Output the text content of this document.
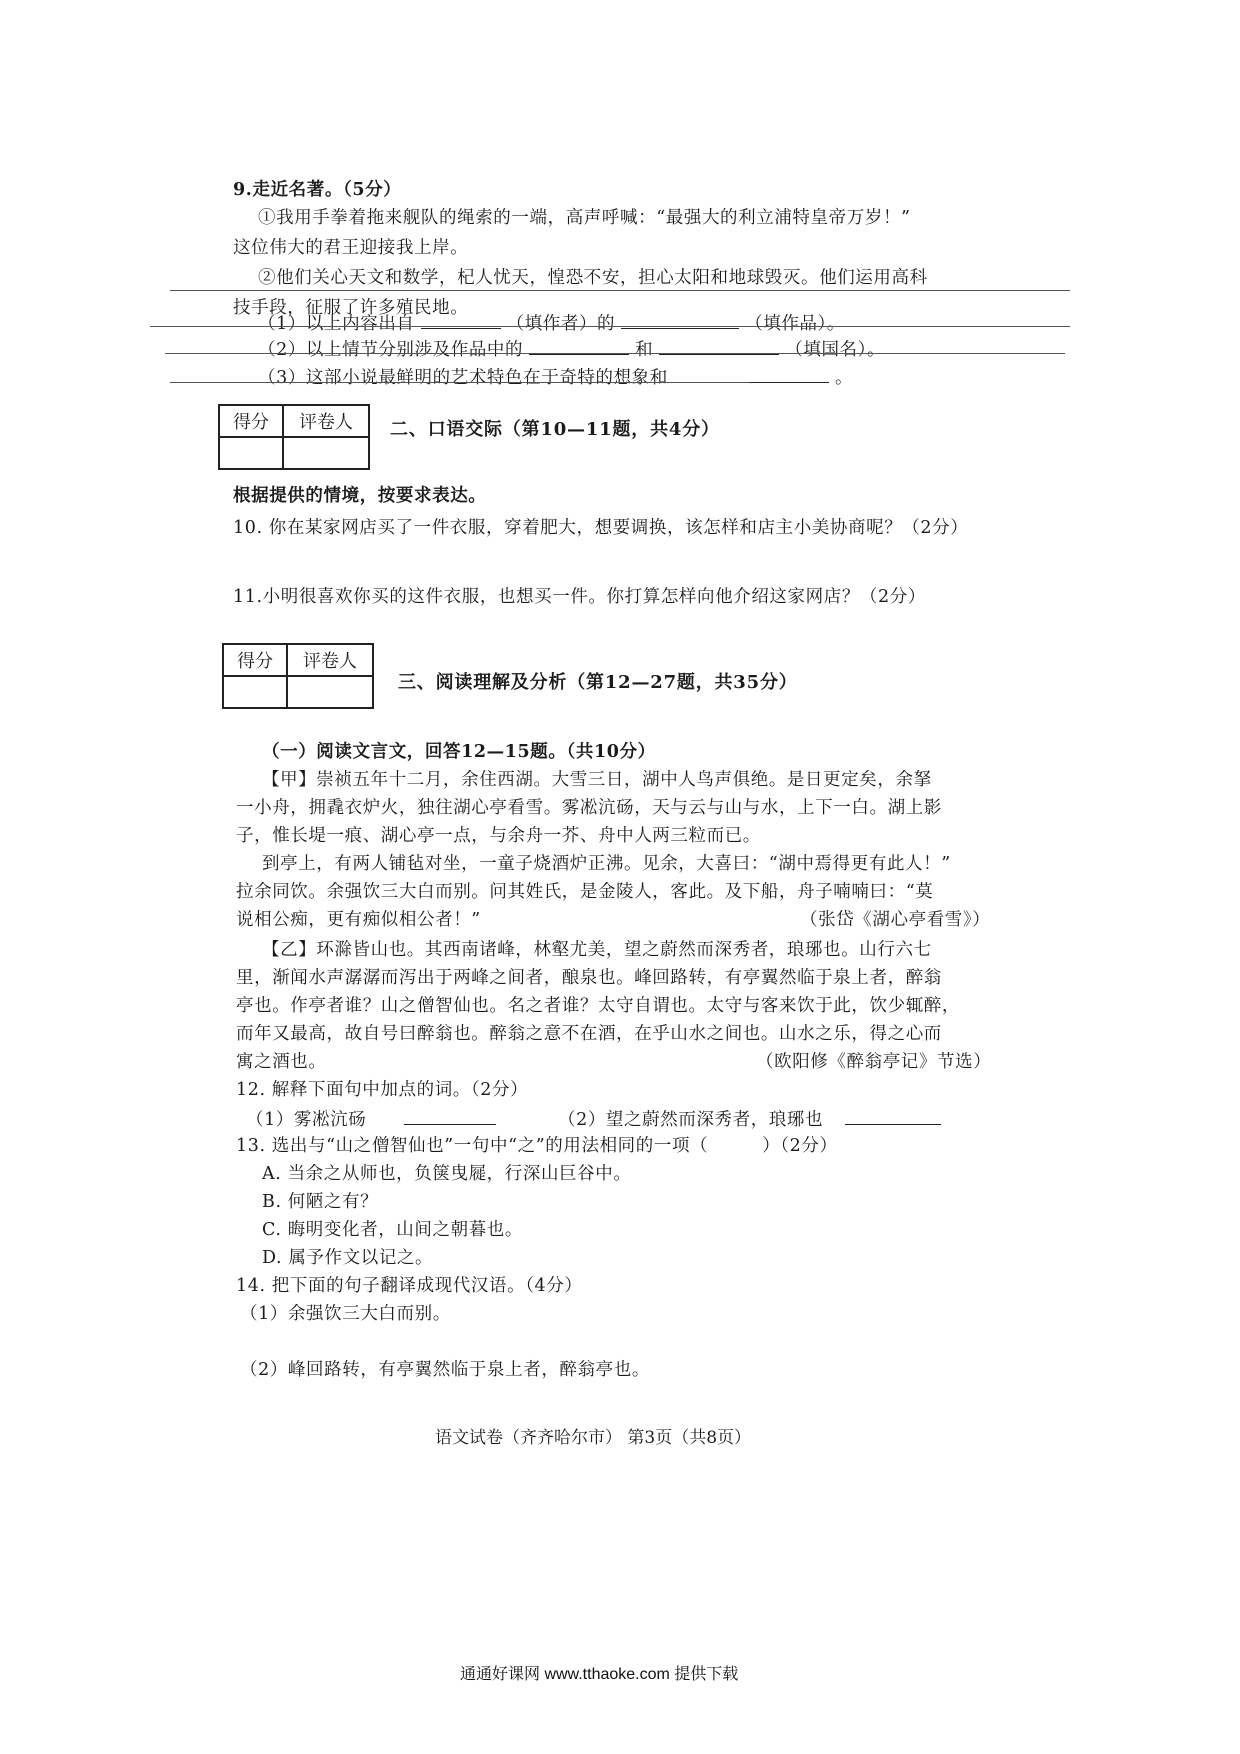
9.走近名著。（5分）
①我用手拳着拖来舰队的绳索的一端，高声呼喊：“最强大的利立浦特皇帝万岁！”
这位伟大的君王迎接我上岸。
②他们关心天文和数学，杞人忧天，惶恐不安，担心太阳和地球毁灭。他们运用高科
技手段，征服了许多殖民地。
（1）以上内容出自	（填作者）的	（填作品）。
（2）以上情节分别涉及作品中的	和	（填国名）。
（3）这部小说最鲜明的艺术特色在于奇特的想象和	。
得分	评卷人
	二、口语交际（第10—11题，共4分）
根据提供的情境，按要求表达。
10. 你在某家网店买了一件衣服，穿着肥大，想要调换，该怎样和店主小美协商呢？（2分）
11.小明很喜欢你买的这件衣服，也想买一件。你打算怎样向他介绍这家网店？（2分）
得分	评卷人

三、阅读理解及分析（第12—27题，共35分）
（一）阅读文言文，回答12—15题。（共10分）
【甲】崇祯五年十二月，余住西湖。大雪三日，湖中人鸟声俱绝。是日更定矣，余拏
一小舟，拥毳衣炉火，独往湖心亭看雪。雾凇沆砀，天与云与山与水，上下一白。湖上影
子，惟长堤一痕、湖心亭一点，与余舟一芥、舟中人两三粒而已。
到亭上，有两人铺毡对坐，一童子烧酒炉正沸。见余，大喜曰：“湖中焉得更有此人！”
拉余同饮。余强饮三大白而别。问其姓氏，是金陵人，客此。及下船，舟子喃喃曰：“莫
说相公痴，更有痴似相公者！”	（张岱《湖心亭看雪》）
【乙】环滁皆山也。其西南诸峰，林壑尤美，望之蔚然而深秀者，琅琊也。山行六七
里，渐闻水声潺潺而泻出于两峰之间者，酿泉也。峰回路转，有亭翼然临于泉上者，醉翁
亭也。作亭者谁？山之僧智仙也。名之者谁？太守自谓也。太守与客来饮于此，饮少辄醉，
而年又最高，故自号曰醉翁也。醉翁之意不在酒，在乎山水之间也。山水之乐，得之心而
寓之酒也。	（欧阳修《醉翁亭记》节选）
12. 解释下面句中加点的词。（2分）
（1）雾凇沆砀	（2）望之蔚然而深秀者，琅琊也
13. 选出与“山之僧智仙也”一句中“之”的用法相同的一项（	）（2分）
A. 当余之从师也，负箧曳屣，行深山巨谷中。
B. 何陋之有？
C. 晦明变化者，山间之朝暮也。
D. 属予作文以记之。
14. 把下面的句子翻译成现代汉语。（4分）
（1）余强饮三大白而别。
（2）峰回路转，有亭翼然临于泉上者，醉翁亭也。
语文试卷（齐齐哈尔市） 第3页（共8页）
通通好课网 www.tthaoke.com 提供下载
